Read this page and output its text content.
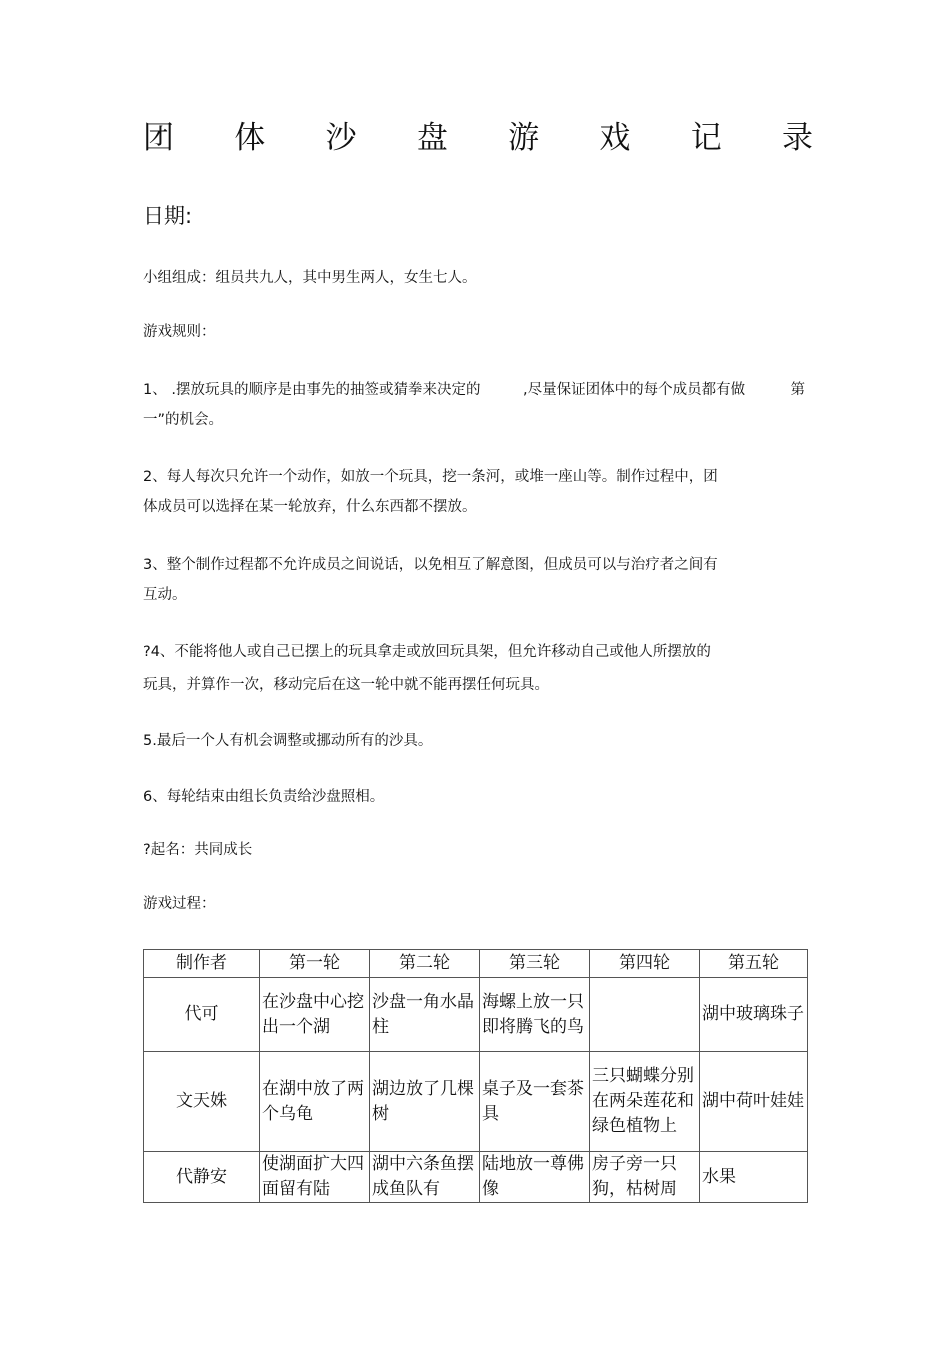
团 体 沙 盘 游 戏 记 录
日期:
小组组成：组员共九人，其中男生两人，女生七人。
游戏规则：
1、 .摆放玩具的顺序是由事先的抽签或猜拳来决定的	,尽量保证团体中的每个成员都有做	第
一”的机会。
2、每人每次只允许一个动作，如放一个玩具，挖一条河，或堆一座山等。制作过程中，团
体成员可以选择在某一轮放弃，什么东西都不摆放。
3、整个制作过程都不允许成员之间说话，以免相互了解意图，但成员可以与治疗者之间有
互动。
?4、不能将他人或自己已摆上的玩具拿走或放回玩具架，但允许移动自己或他人所摆放的
玩具，并算作一次，移动完后在这一轮中就不能再摆任何玩具。
5.最后一个人有机会调整或挪动所有的沙具。
6、每轮结束由组长负责给沙盘照相。
?起名：共同成长
游戏过程：
制作者	第一轮	第二轮	第三轮	第四轮	第五轮
代可	在沙盘中心挖出一个湖	沙盘一角水晶柱	海螺上放一只即将腾飞的鸟		湖中玻璃珠子
文天姝	在湖中放了两个乌龟	湖边放了几棵树	桌子及一套茶具	三只蝴蝶分别在两朵莲花和绿色植物上	湖中荷叶娃娃
代静安	使湖面扩大四面留有陆	湖中六条鱼摆成鱼队有	陆地放一尊佛像	房子旁一只狗，枯树周	水果
